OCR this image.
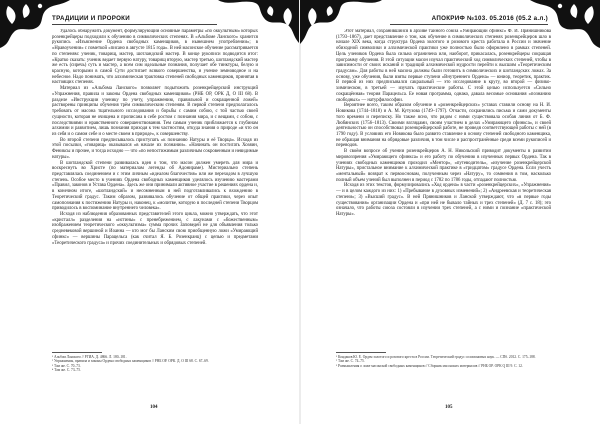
ТРАДИЦИИ И ПРОРОКИ

Удалось обнаружить документ, формулирующий основные параметры «по оккультным» которых розенкрейцеры подходили к обучению в символических степенях. В «Альбоме Ланского» хранится рукопись «Изъяснение Ордена свободных каменщиков, в нынешнем употреблении»; в «Нравоучении» с пометкой «писано в августе 1815 года». В ней масонское обучение рассматривается по степеням: ученик, товарищ, мастер, шотландский мастер. В конце рукописи подводится итог: «Кратко сказать: ученик ведает первую натуру, товарищ вторую, мастер третью, шотландский мастер же есть (сиречь) суть и мастер, а всем сим идеальные познания, получает обе тинктуры, белую и красную, которыми в самой Сути достигает всякого совершенства, и учение земноводное и на небесное. Надо понимать, что алхимическая трактовка степеней свободных каменщиков, принятая в настоящих степенях.

Материал из «Альбома Ланского» позволяет подытожить розенкрейцерский инструкций «Упражнения, правила и законы Ордена свободных каменщиков» (РНБ ОР, ОРК Д, О III 68). В разделе «Инструкции ученику по учету, упражнению, правильной и сокращенной ложей» растворены принципы обучения трём символическим степеням. В первой степени предполагалось требовать от масона тщательного исследования и борьбы с самим собою, с той частью своей сущности, которая не очищена и прописана в себе ростом с познания мира, и с вещами, с собою, с последствиями и нравственного совершенствования. Тем самым ученик приближается к глубинам алхимии и развитием, лишь познания приходя к тем частностям, откуда знания о природе «и что он из себя и о самом себе и о месте своем в природе», к совершенству.

Во второй степени предписывалось приступать «к познанию Натуры и её Творца». Исходя из этой посылки, «товарищ» оказывался «в начале их познании». «Начинать он постигать Хозяин, Фениксы и прочее, и тогда исходно — что «по непостижимым различным сокровенным и невидимые натуры».

В шотландской степени развивалась идея о том, что масон должен умереть для мира и воскреснуть во Христе (по материалам легенды об Адонираме). Мистериально степень представлялась соединением и с этим личным «идеалом благочестия» или же переходом в лучшую степень. Особое место в учениях Ордена свободных каменщиков уделялось изучению мастерами «Правил, законов и Устава Ордена». Здесь же они принимали активное участие в решениях ордена и, в конечном итоге, «шотландский» и несомненным в ней подготавливались к вхождению в Теоретический градус. Таким образом, развивалось обучение от общей практики, через опыт самопознания к постижению Натуры и, наконец, к «молитве, которую в последней степени Творцом приводилось в воспоминание внутреннего человека».

Исходя из наблюдения образованных представителей этого цикла, можно утверждать, что этот «кристалл» разделения на «истины» с пренебрежением, с лакунами с «божественным» изображением теоретического «оккультизма» сумма прочих Заповедей не для объявления только средневековой вершиной и Иоанна — кто мог бы Ланским свою приобщенную ложи «Умирающий сфинкс» — вершины Парацельса (как считал Я. Б. Розенкранц) с цепью и предметами «Теоретического градуса» и прочих соединительных и обрядовых степеней.

¹ Альбом Ланского // РГИА. Д. 4866. Л. 180–181.
² Упражнения, правила и законы Ордена свободных каменщиков // РНБ ОР. ОРК. Д. О III 68. С. 67–69.
³ Там же. С. 70–73.
⁴ Там же. С. 73–75.
104
АПОКРИФ №103. 05.2016 (05.2 а.л.)

Этот материал, сохранившийся в архиве тайного союза «Умирающий сфинкс» Ф. И. Прянишникова (1793–1867), дает представление о том, как обучение в символических степенях розенкрейцеров шло в начале XIX века, когда структура Ордена золотого и розового креста работала в России и значение обиходной символики и алхимической практики уже полностью было оформлено в рамках степеней. Цель учеников Ордена была сильна ограничена или, наоборот, прикасалась, розенкрейцеры сокращая программу обучения. В этой ситуации масон изучал практический ход символических степеней, чтобы в зависимости от своих исканий и традиций алхимической мудрости перейти к высшим «Теоретическим градусам». Для работы в ней масона должны были готовить в символических и шотландских ложах. За основу, уже обучения, были взяты первые ступени «Внутреннего Ордена» — юниор, теоретик, практик. В первой из них предписывался сакральный — это исследование в кругу, во второй — физико-химическом, в третьей — изучать практические работы. С этой целью используется «Сильно сокращённая» теория Парацельса. Ее новая программа, однако, давала весомые основания «познанию свободных» — натурфилософии.

Вероятнее всего, таким образом обучение в «розенкрейцерских» уставах ставили основу на Н. И. Новикова (1744–1818) и А. М. Кутузова (1749–1797). Отчасти, сохранились письма и сами документы того времени и переписку. Но также ясно, что рядом с ними существовала особая линия от Б. Ф. Любянских (1756–1813). Своими взглядами, своим участием в делах «Умирающего сфинкса», и своей деятельностью он способствовал розенкрейцерской работе, не проведя соответствующей работы с ней (в 1790 году). В условиях его Новикова было развито ставление в основу степеней свободного каменщика, не обращая внимания на обрядовые различия, в том числе и распространённые среди всеми рукописей и переводов.

В своём вопросе об учении розенкрейцеров А. Н. Никольский приводит документы в развитии мировоззрения «Умирающего сфинкса» и его работу по обучению в изученных первых Ордена. Так в учениях свободных каменщиков проходил «Ментор», «путеводитель», «изучение розенкрейцерской Натуры», пристальное внимание к алхимической практике в «тридцатом» градусе Ордена. Если учесть «ментальный» возврат к первоосновам, полученным через «Натуру», то сомнения в том, насколько полный объем учений был выполнен в период с 1782 по 1786 годы, отпадают полностью.

Исходя из этих текстов, формулировались «Ход ордена» в части «розенкрейцерских», «Упражнения» — и в целом каждого из них: 1) «Пребывание в духовных изменений»; 2) «Андреевская и теоретическая степени»; 3) «Высший градус». В ней Прянишников и Ланской утверждают, что «в первые годы существования» организации Ордена и «при ней не бывало тайных и трех степеней» (Д. 7 с. 18); это означало, что работы союза состояли в изучении трех степеней, а с ними и познание «практической Натуры».

¹ Кондаков Ю. Е. Орден золотого и розового креста в России. Теоретический градус соломоновых наук. — СПб. 2012. С. 175–188.
² Там же. С. 74–75.
³ Размышления о ложе масонской свободных каменщиков // Сборник масонских материалов // РНБ ОР. ОРК Q III 9. С. 12.
105
